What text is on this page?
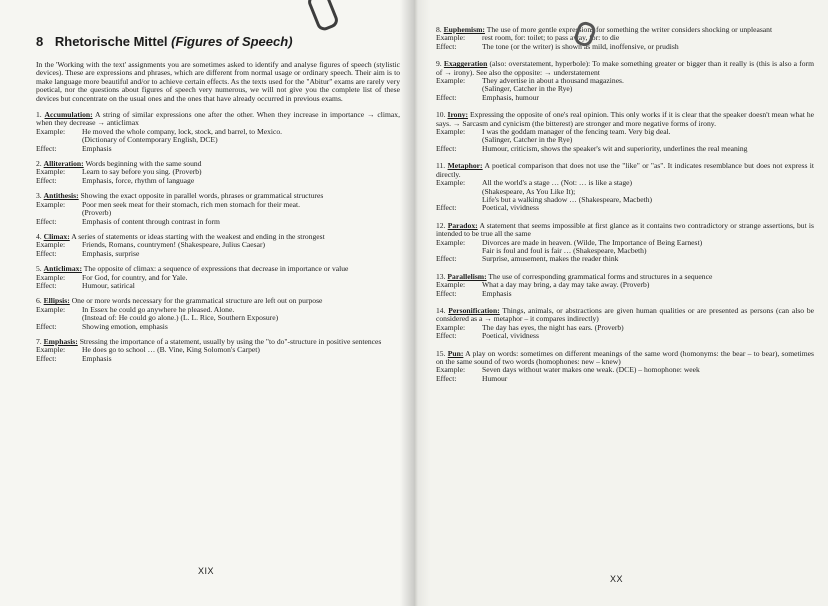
8 Rhetorische Mittel (Figures of Speech)

In the 'Working with the text' assignments you are sometimes asked to identify and analyse figures of speech (stylistic devices). These are expressions and phrases, which are different from normal usage or ordinary speech. Their aim is to make language more beautiful and/or to achieve certain effects. As the texts used for the "Abitur" exams are rarely very poetical, nor the questions about figures of speech very numerous, we will not give you the complete list of these devices but concentrate on the usual ones and the ones that have already occurred in previous exams.

1. Accumulation: A string of similar expressions one after the other. When they increase in importance → climax, when they decrease → anticlimax
Example:	He moved the whole company, lock, stock, and barrel, to Mexico.
(Dictionary of Contemporary English, DCE)
Effect:	Emphasis
2. Alliteration: Words beginning with the same sound
Example:	Learn to say before you sing. (Proverb)
Effect:	Emphasis, force, rhythm of language
3. Antithesis: Showing the exact opposite in parallel words, phrases or grammatical structures
Example:	Poor men seek meat for their stomach, rich men stomach for their meat.
(Proverb)
Effect:	Emphasis of content through contrast in form
4. Climax: A series of statements or ideas starting with the weakest and ending in the strongest
Example:	Friends, Romans, countrymen! (Shakespeare, Julius Caesar)
Effect:	Emphasis, surprise
5. Anticlimax: The opposite of climax: a sequence of expressions that decrease in importance or value
Example:	For God, for country, and for Yale.
Effect:	Humour, satirical
6. Ellipsis: One or more words necessary for the grammatical structure are left out on purpose
Example:	In Essex he could go anywhere he pleased. Alone.
(Instead of: He could go alone.) (L. L. Rice, Southern Exposure)
Effect:	Showing emotion, emphasis
7. Emphasis: Stressing the importance of a statement, usually by using the "to do"-structure in positive sentences
Example:	He does go to school … (B. Vine, King Solomon's Carpet)
Effect:	Emphasis
XIX
8. Euphemism: The use of more gentle expressions for something the writer considers shocking or unpleasant
Example:	rest room, for: toilet; to pass away, for: to die
Effect:	The tone (or the writer) is shown as mild, inoffensive, or prudish
9. Exaggeration (also: overstatement, hyperbole): To make something greater or bigger than it really is (this is also a form of → irony). See also the opposite: → understatement
Example:	They advertise in about a thousand magazines.
(Salinger, Catcher in the Rye)
Effect:	Emphasis, humour
10. Irony: Expressing the opposite of one's real opinion. This only works if it is clear that the speaker doesn't mean what he says. → Sarcasm and cynicism (the bitterest) are stronger and more negative forms of irony.
Example:	I was the goddam manager of the fencing team. Very big deal.
(Salinger, Catcher in the Rye)
Effect:	Humour, criticism, shows the speaker's wit and superiority, underlines the real meaning
11. Metaphor: A poetical comparison that does not use the "like" or "as". It indicates resemblance but does not express it directly.
Example:	All the world's a stage … (Not: … is like a stage)
(Shakespeare, As You Like It);
Life's but a walking shadow … (Shakespeare, Macbeth)
Effect:	Poetical, vividness
12. Paradox: A statement that seems impossible at first glance as it contains two contradictory or strange assertions, but is intended to be true all the same
Example:	Divorces are made in heaven. (Wilde, The Importance of Being Earnest)
Fair is foul and foul is fair … (Shakespeare, Macbeth)
Effect:	Surprise, amusement, makes the reader think
13. Parallelism: The use of corresponding grammatical forms and structures in a sequence
Example:	What a day may bring, a day may take away. (Proverb)
Effect:	Emphasis
14. Personification: Things, animals, or abstractions are given human qualities or are presented as persons (can also be considered as a → metaphor – it compares indirectly)
Example:	The day has eyes, the night has ears. (Proverb)
Effect:	Poetical, vividness
15. Pun: A play on words: sometimes on different meanings of the same word (homonyms: the bear – to bear), sometimes on the same sound of two words (homophones: new – knew)
Example:	Seven days without water makes one weak. (DCE) – homophone: week
Effect:	Humour
XX
